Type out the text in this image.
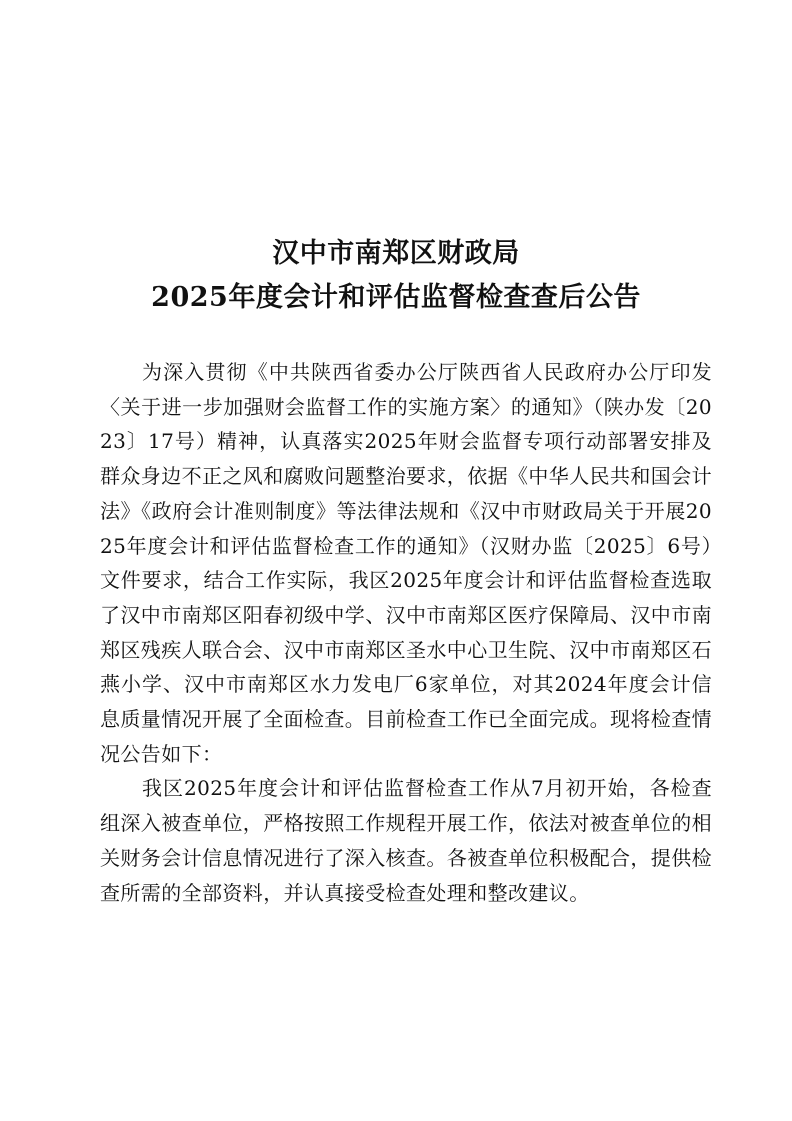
汉中市南郑区财政局
2025年度会计和评估监督检查查后公告

为深入贯彻《中共陕西省委办公厅陕西省人民政府办公厅印发〈关于进一步加强财会监督工作的实施方案〉的通知》（陕办发〔2023〕17号）精神，认真落实2025年财会监督专项行动部署安排及群众身边不正之风和腐败问题整治要求，依据《中华人民共和国会计法》《政府会计准则制度》等法律法规和《汉中市财政局关于开展2025年度会计和评估监督检查工作的通知》（汉财办监〔2025〕6号）文件要求，结合工作实际，我区2025年度会计和评估监督检查选取了汉中市南郑区阳春初级中学、汉中市南郑区医疗保障局、汉中市南郑区残疾人联合会、汉中市南郑区圣水中心卫生院、汉中市南郑区石燕小学、汉中市南郑区水力发电厂6家单位，对其2024年度会计信息质量情况开展了全面检查。目前检查工作已全面完成。现将检查情况公告如下：

我区2025年度会计和评估监督检查工作从7月初开始，各检查组深入被查单位，严格按照工作规程开展工作，依法对被查单位的相关财务会计信息情况进行了深入核查。各被查单位积极配合，提供检查所需的全部资料，并认真接受检查处理和整改建议。
